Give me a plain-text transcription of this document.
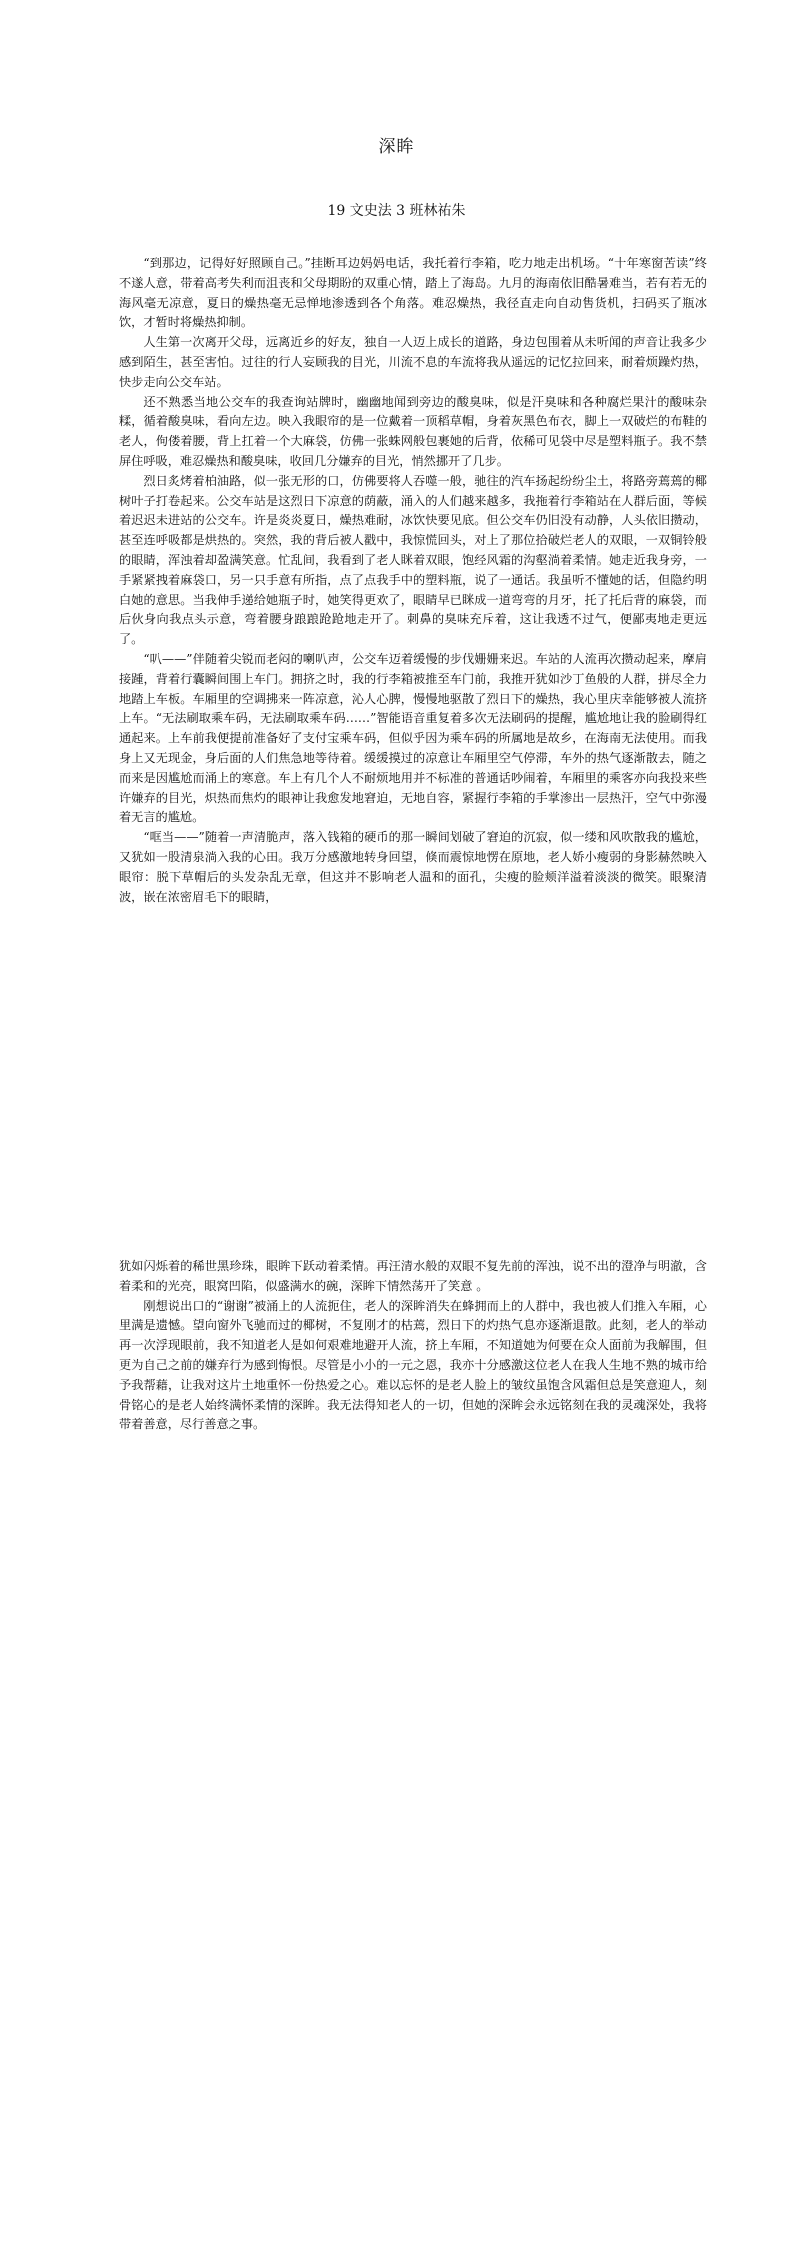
深眸
19 文史法 3 班林祐朱

“到那边，记得好好照顾自己。”挂断耳边妈妈电话，我托着行李箱，吃力地走出机场。“十年寒窗苦读”终不遂人意，带着高考失利而沮丧和父母期盼的双重心情，踏上了海岛。九月的海南依旧酷暑难当，若有若无的海风毫无凉意，夏日的燥热毫无忌惮地渗透到各个角落。难忍燥热，我径直走向自动售货机，扫码买了瓶冰饮，才暂时将燥热抑制。

人生第一次离开父母，远离近乡的好友，独自一人迈上成长的道路，身边包围着从未听闻的声音让我多少感到陌生，甚至害怕。过往的行人妄顾我的目光，川流不息的车流将我从遥远的记忆拉回来，耐着烦躁灼热，快步走向公交车站。

还不熟悉当地公交车的我查询站牌时，幽幽地闻到旁边的酸臭味，似是汗臭味和各种腐烂果汁的酸味杂糅，循着酸臭味，看向左边。映入我眼帘的是一位戴着一顶稻草帽，身着灰黑色布衣，脚上一双破烂的布鞋的老人，佝偻着腰，背上扛着一个大麻袋，仿佛一张蛛网般包裹她的后背，依稀可见袋中尽是塑料瓶子。我不禁屏住呼吸，难忍燥热和酸臭味，收回几分嫌弃的目光，悄然挪开了几步。

烈日炙烤着柏油路，似一张无形的口，仿佛要将人吞噬一般，驰往的汽车扬起纷纷尘土，将路旁蔫蔫的椰树叶子打卷起来。公交车站是这烈日下凉意的荫蔽，涌入的人们越来越多，我拖着行李箱站在人群后面，等候着迟迟未进站的公交车。许是炎炎夏日，燥热难耐，冰饮快要见底。但公交车仍旧没有动静，人头依旧攒动，甚至连呼吸都是烘热的。突然，我的背后被人戳中，我惊慌回头，对上了那位拾破烂老人的双眼，一双铜铃般的眼睛，浑浊着却盈满笑意。忙乱间，我看到了老人眯着双眼，饱经风霜的沟壑淌着柔情。她走近我身旁，一手紧紧拽着麻袋口，另一只手意有所指，点了点我手中的塑料瓶，说了一通话。我虽听不懂她的话，但隐约明白她的意思。当我伸手递给她瓶子时，她笑得更欢了，眼睛早已眯成一道弯弯的月牙，托了托后背的麻袋，而后伙身向我点头示意，弯着腰身踉踉跄跄地走开了。刺鼻的臭味充斥着，这让我透不过气，便鄙夷地走更远了。

“叭——”伴随着尖锐而老闷的喇叭声，公交车迈着缓慢的步伐姗姗来迟。车站的人流再次攒动起来，摩肩接踵，背着行囊瞬间围上车门。拥挤之时，我的行李箱被推至车门前，我推开犹如沙丁鱼般的人群，拼尽全力地踏上车板。车厢里的空调拂来一阵凉意，沁人心脾，慢慢地驱散了烈日下的燥热，我心里庆幸能够被人流挤上车。“无法刷取乘车码，无法刷取乘车码……”智能语音重复着多次无法刷码的提醒，尴尬地让我的脸刷得红通起来。上车前我便提前准备好了支付宝乘车码，但似乎因为乘车码的所属地是故乡，在海南无法使用。而我身上又无现金，身后面的人们焦急地等待着。缓缓摸过的凉意让车厢里空气停滞，车外的热气逐渐散去，随之而来是因尴尬而涌上的寒意。车上有几个人不耐烦地用并不标准的普通话吵闹着，车厢里的乘客亦向我投来些许嫌弃的目光，炽热而焦灼的眼神让我愈发地窘迫，无地自容，紧握行李箱的手掌渗出一层热汗，空气中弥漫着无言的尴尬。

“哐当——”随着一声清脆声，落入钱箱的硬币的那一瞬间划破了窘迫的沉寂，似一缕和风吹散我的尴尬，又犹如一股清泉淌入我的心田。我万分感激地转身回望，倏而震惊地愣在原地，老人娇小瘦弱的身影赫然映入眼帘：脱下草帽后的头发杂乱无章，但这并不影响老人温和的面孔，尖瘦的脸颊洋溢着淡淡的微笑。眼聚清波，嵌在浓密眉毛下的眼睛，

犹如闪烁着的稀世黑珍珠，眼眸下跃动着柔情。再汪清水般的双眼不复先前的浑浊，说不出的澄净与明澈，含着柔和的光亮，眼窝凹陷，似盛满水的碗，深眸下情然荡开了笑意 。

刚想说出口的“谢谢”被涌上的人流扼住，老人的深眸消失在蜂拥而上的人群中，我也被人们推入车厢，心里满是遗憾。望向窗外飞驰而过的椰树，不复刚才的枯蔫，烈日下的灼热气息亦逐渐退散。此刻，老人的举动再一次浮现眼前，我不知道老人是如何艰难地避开人流，挤上车厢，不知道她为何要在众人面前为我解围，但更为自己之前的嫌弃行为感到悔恨。尽管是小小的一元之恩，我亦十分感激这位老人在我人生地不熟的城市给予我帮藉，让我对这片土地重怀一份热爱之心。难以忘怀的是老人脸上的皱纹虽饱含风霜但总是笑意迎人，刻骨铭心的是老人始终满怀柔情的深眸。我无法得知老人的一切，但她的深眸会永远铭刻在我的灵魂深处，我将带着善意，尽行善意之事。
